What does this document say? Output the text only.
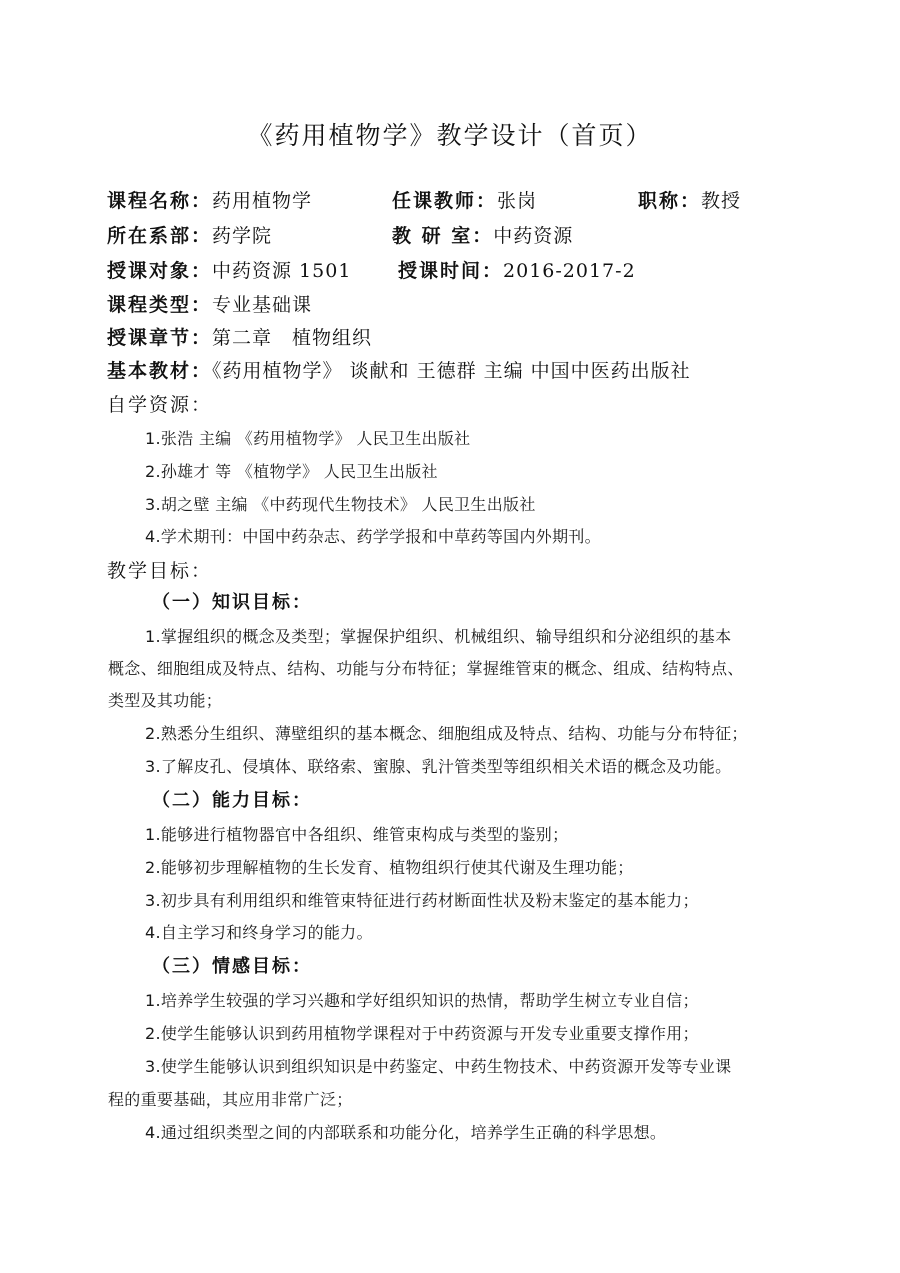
《药用植物学》教学设计（首页）
课程名称：药用植物学	任课教师：张岗	职称：教授
所在系部：药学院	教 研 室：中药资源
授课对象：中药资源 1501 授课时间：2016-2017-2
课程类型：专业基础课
授课章节：第二章　植物组织
基本教材：《药用植物学》 谈献和 王德群 主编 中国中医药出版社
自学资源：
1.张浩 主编 《药用植物学》 人民卫生出版社
2.孙雄才 等 《植物学》 人民卫生出版社
3.胡之壁 主编 《中药现代生物技术》 人民卫生出版社
4.学术期刊：中国中药杂志、药学学报和中草药等国内外期刊。
教学目标：
（一）知识目标：
1.掌握组织的概念及类型；掌握保护组织、机械组织、输导组织和分泌组织的基本
概念、细胞组成及特点、结构、功能与分布特征；掌握维管束的概念、组成、结构特点、
类型及其功能；
2.熟悉分生组织、薄壁组织的基本概念、细胞组成及特点、结构、功能与分布特征；
3.了解皮孔、侵填体、联络索、蜜腺、乳汁管类型等组织相关术语的概念及功能。
（二）能力目标：
1.能够进行植物器官中各组织、维管束构成与类型的鉴别；
2.能够初步理解植物的生长发育、植物组织行使其代谢及生理功能；
3.初步具有利用组织和维管束特征进行药材断面性状及粉末鉴定的基本能力；
4.自主学习和终身学习的能力。
（三）情感目标：
1.培养学生较强的学习兴趣和学好组织知识的热情，帮助学生树立专业自信；
2.使学生能够认识到药用植物学课程对于中药资源与开发专业重要支撑作用；
3.使学生能够认识到组织知识是中药鉴定、中药生物技术、中药资源开发等专业课
程的重要基础，其应用非常广泛；
4.通过组织类型之间的内部联系和功能分化，培养学生正确的科学思想。
